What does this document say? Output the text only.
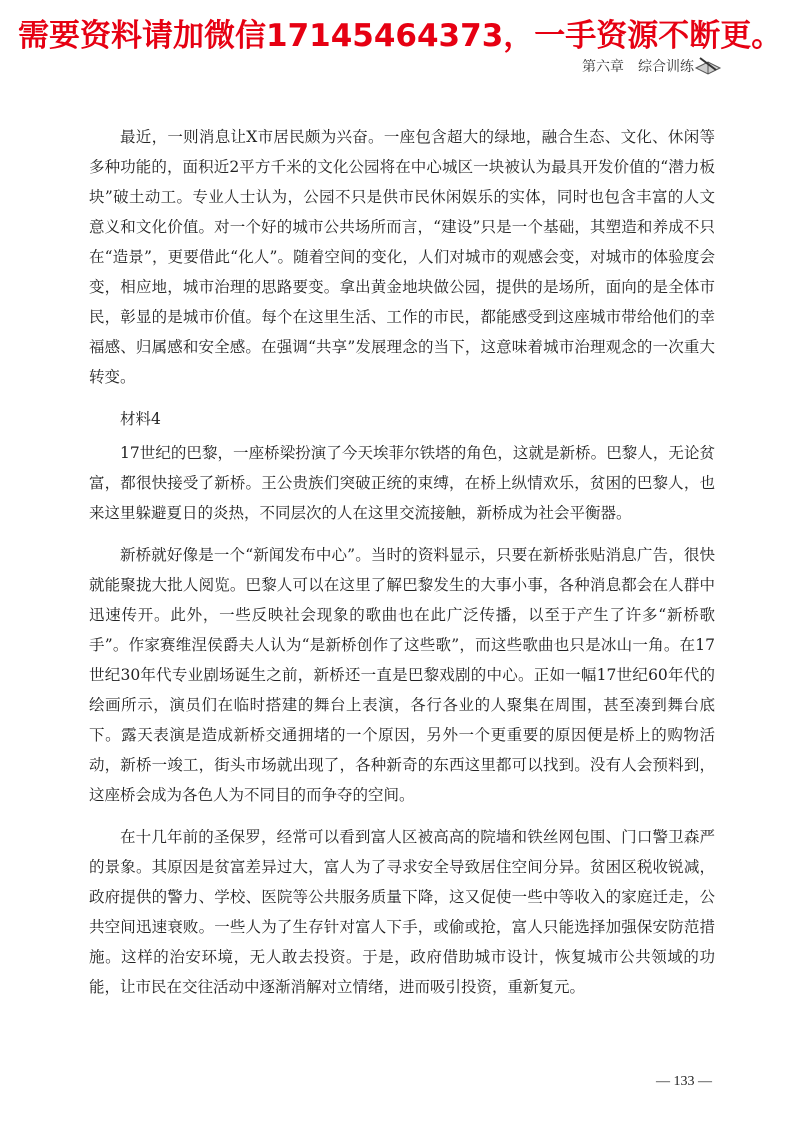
需要资料请加微信17145464373，一手资源不断更。
第六章　综合训练

最近，一则消息让X市居民颇为兴奋。一座包含超大的绿地，融合生态、文化、休闲等多种功能的，面积近2平方千米的文化公园将在中心城区一块被认为最具开发价值的“潜力板块”破土动工。专业人士认为，公园不只是供市民休闲娱乐的实体，同时也包含丰富的人文意义和文化价值。对一个好的城市公共场所而言，“建设”只是一个基础，其塑造和养成不只在“造景”，更要借此“化人”。随着空间的变化，人们对城市的观感会变，对城市的体验度会变，相应地，城市治理的思路要变。拿出黄金地块做公园，提供的是场所，面向的是全体市民，彰显的是城市价值。每个在这里生活、工作的市民，都能感受到这座城市带给他们的幸福感、归属感和安全感。在强调“共享”发展理念的当下，这意味着城市治理观念的一次重大转变。

材料4

17世纪的巴黎，一座桥梁扮演了今天埃菲尔铁塔的角色，这就是新桥。巴黎人，无论贫富，都很快接受了新桥。王公贵族们突破正统的束缚，在桥上纵情欢乐，贫困的巴黎人，也来这里躲避夏日的炎热，不同层次的人在这里交流接触，新桥成为社会平衡器。

新桥就好像是一个“新闻发布中心”。当时的资料显示，只要在新桥张贴消息广告，很快就能聚拢大批人阅览。巴黎人可以在这里了解巴黎发生的大事小事，各种消息都会在人群中迅速传开。此外，一些反映社会现象的歌曲也在此广泛传播，以至于产生了许多“新桥歌手”。作家赛维涅侯爵夫人认为“是新桥创作了这些歌”，而这些歌曲也只是冰山一角。在17世纪30年代专业剧场诞生之前，新桥还一直是巴黎戏剧的中心。正如一幅17世纪60年代的绘画所示，演员们在临时搭建的舞台上表演，各行各业的人聚集在周围，甚至凑到舞台底下。露天表演是造成新桥交通拥堵的一个原因，另外一个更重要的原因便是桥上的购物活动，新桥一竣工，街头市场就出现了，各种新奇的东西这里都可以找到。没有人会预料到，这座桥会成为各色人为不同目的而争夺的空间。

在十几年前的圣保罗，经常可以看到富人区被高高的院墙和铁丝网包围、门口警卫森严的景象。其原因是贫富差异过大，富人为了寻求安全导致居住空间分异。贫困区税收锐减，政府提供的警力、学校、医院等公共服务质量下降，这又促使一些中等收入的家庭迁走，公共空间迅速衰败。一些人为了生存针对富人下手，或偷或抢，富人只能选择加强保安防范措施。这样的治安环境，无人敢去投资。于是，政府借助城市设计，恢复城市公共领域的功能，让市民在交往活动中逐渐消解对立情绪，进而吸引投资，重新复元。

— 133 —
